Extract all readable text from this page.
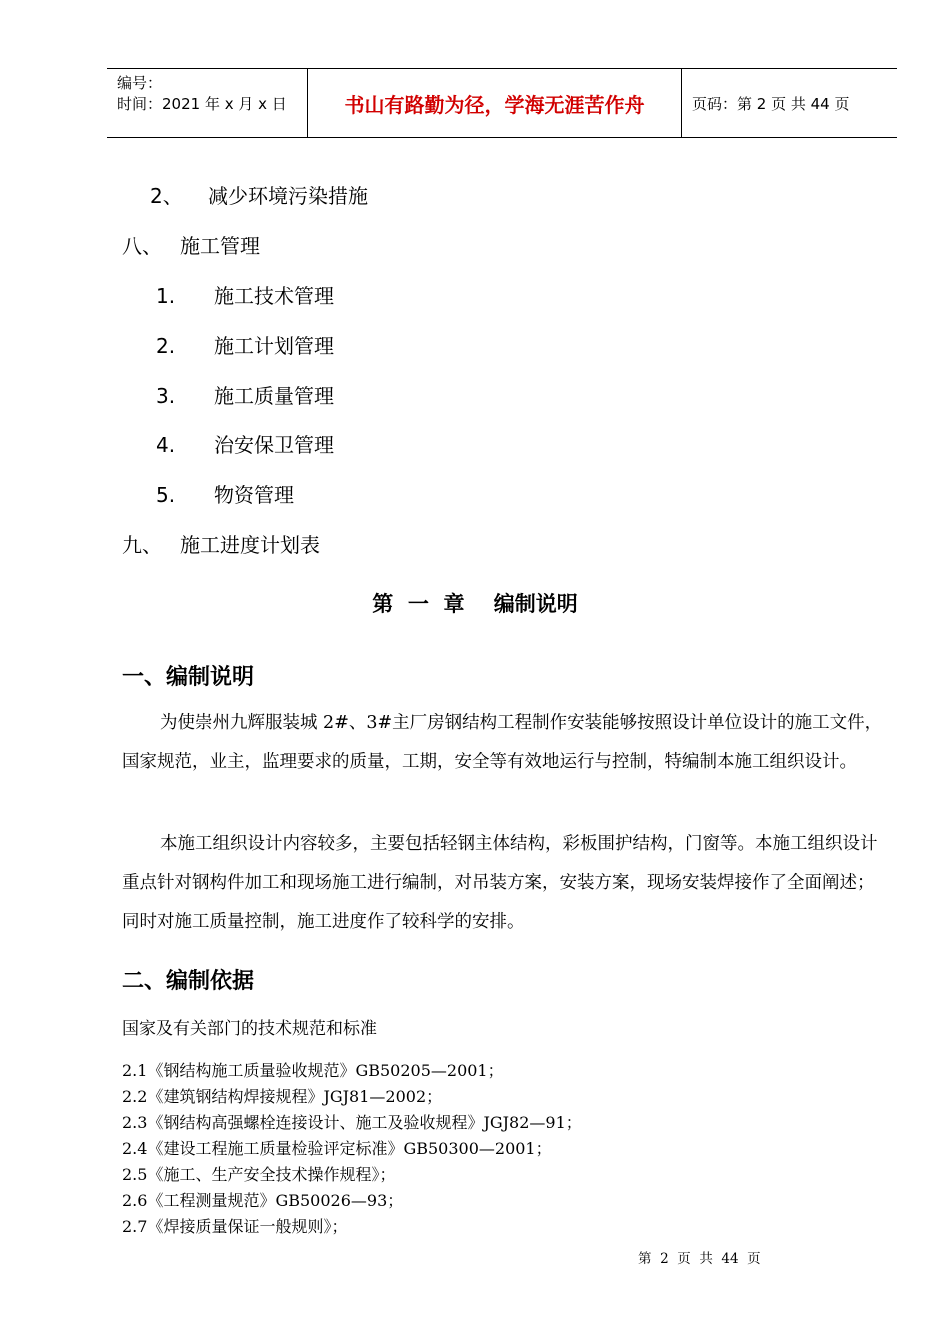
编号：
时间：2021 年 x 月 x 日	书山有路勤为径，学海无涯苦作舟	页码：第 2 页 共 44 页
2、 减少环境污染措施
八、 施工管理
1. 施工技术管理
2. 施工计划管理
3. 施工质量管理
4. 治安保卫管理
5. 物资管理
九、 施工进度计划表
第  一  章    编制说明
一、编制说明

为使崇州九辉服装城 2#、3#主厂房钢结构工程制作安装能够按照设计单位设计的施工文件，国家规范，业主，监理要求的质量，工期，安全等有效地运行与控制，特编制本施工组织设计。

本施工组织设计内容较多，主要包括轻钢主体结构，彩板围护结构，门窗等。本施工组织设计重点针对钢构件加工和现场施工进行编制，对吊装方案，安装方案，现场安装焊接作了全面阐述；同时对施工质量控制，施工进度作了较科学的安排。

二、编制依据
国家及有关部门的技术规范和标准
2.1《钢结构施工质量验收规范》GB50205—2001；
2.2《建筑钢结构焊接规程》JGJ81—2002；
2.3《钢结构高强螺栓连接设计、施工及验收规程》JGJ82—91；
2.4《建设工程施工质量检验评定标准》GB50300—2001；
2.5《施工、生产安全技术操作规程》；
2.6《工程测量规范》GB50026—93；
2.7《焊接质量保证一般规则》；
第  2  页  共  44  页
